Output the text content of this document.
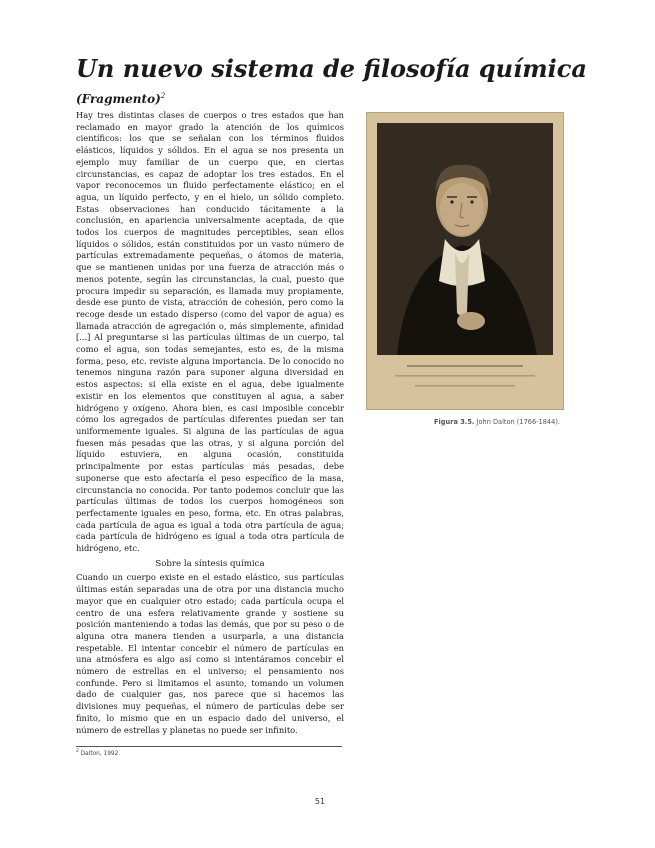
Un nuevo sistema de filosofía química
(Fragmento)$^2$

Hay tres distintas clases de cuerpos o tres estados que han reclamado en mayor grado la atención de los químicos científicos: los que se señalan con los términos fluidos elásticos, líquidos y sólidos. En el agua se nos presenta un ejemplo muy familiar de un cuerpo que, en ciertas circunstancias, es capaz de adoptar los tres estados. En el vapor reconocemos un fluido perfectamente elástico; en el agua, un líquido perfecto, y en el hielo, un sólido completo. Estas observaciones han conducido tácitamente a la conclusión, en apariencia universalmente aceptada, de que todos los cuerpos de magnitudes perceptibles, sean ellos líquidos o sólidos, están constituidos por un vasto número de partículas extremadamente pequeñas, o átomos de materia, que se mantienen unidas por una fuerza de atracción más o menos potente, según las circunstancias, la cual, puesto que procura impedir su separación, es llamada muy propiamente, desde ese punto de vista, atracción de cohesión, pero como la recoge desde un estado disperso (como del vapor de agua) es llamada atracción de agregación o, más simplemente, afinidad [...] Al preguntarse si las partículas últimas de un cuerpo, tal como el agua, son todas semejantes, esto es, de la misma forma, peso, etc. reviste alguna importancia. De lo conocido no tenemos ninguna razón para suponer alguna diversidad en estos aspectos: si ella existe en el agua, debe igualmente existir en los elementos que constituyen al agua, a saber hidrógeno y oxígeno. Ahora bien, es casi imposible concebir cómo los agregados de partículas diferentes puedan ser tan uniformemente iguales. Si alguna de las partículas de agua fuesen más pesadas que las otras, y si alguna porción del líquido estuviera, en alguna ocasión, constituida principalmente por estas partículas más pesadas, debe suponerse que esto afectaría el peso específico de la masa, circunstancia no conocida. Por tanto podemos concluir que las partículas últimas de todos los cuerpos homogéneos son perfectamente iguales en peso, forma, etc. En otras palabras, cada partícula de agua es igual a toda otra partícula de agua; cada partícula de hidrógeno es igual a toda otra partícula de hidrógeno, etc.

Sobre la síntesis química

Cuando un cuerpo existe en el estado elástico, sus partículas últimas están separadas una de otra por una distancia mucho mayor que en cualquier otro estado; cada partícula ocupa el centro de una esfera relativamente grande y sostiene su posición manteniendo a todas las demás, que por su peso o de alguna otra manera tienden a usurparla, a una distancia respetable. El intentar concebir el número de partículas en una atmósfera es algo así como si intentáramos concebir el número de estrellas en el universo; el pensamiento nos confunde. Pero si limitamos el asunto, tomando un volumen dado de cualquier gas, nos parece que si hacemos las divisiones muy pequeñas, el número de partículas debe ser finito, lo mismo que en un espacio dado del universo, el número de estrellas y planetas no puede ser infinito.

Figura 3.5. John Dalton (1766-1844).
$^2$ Dalton, 1992.
51
